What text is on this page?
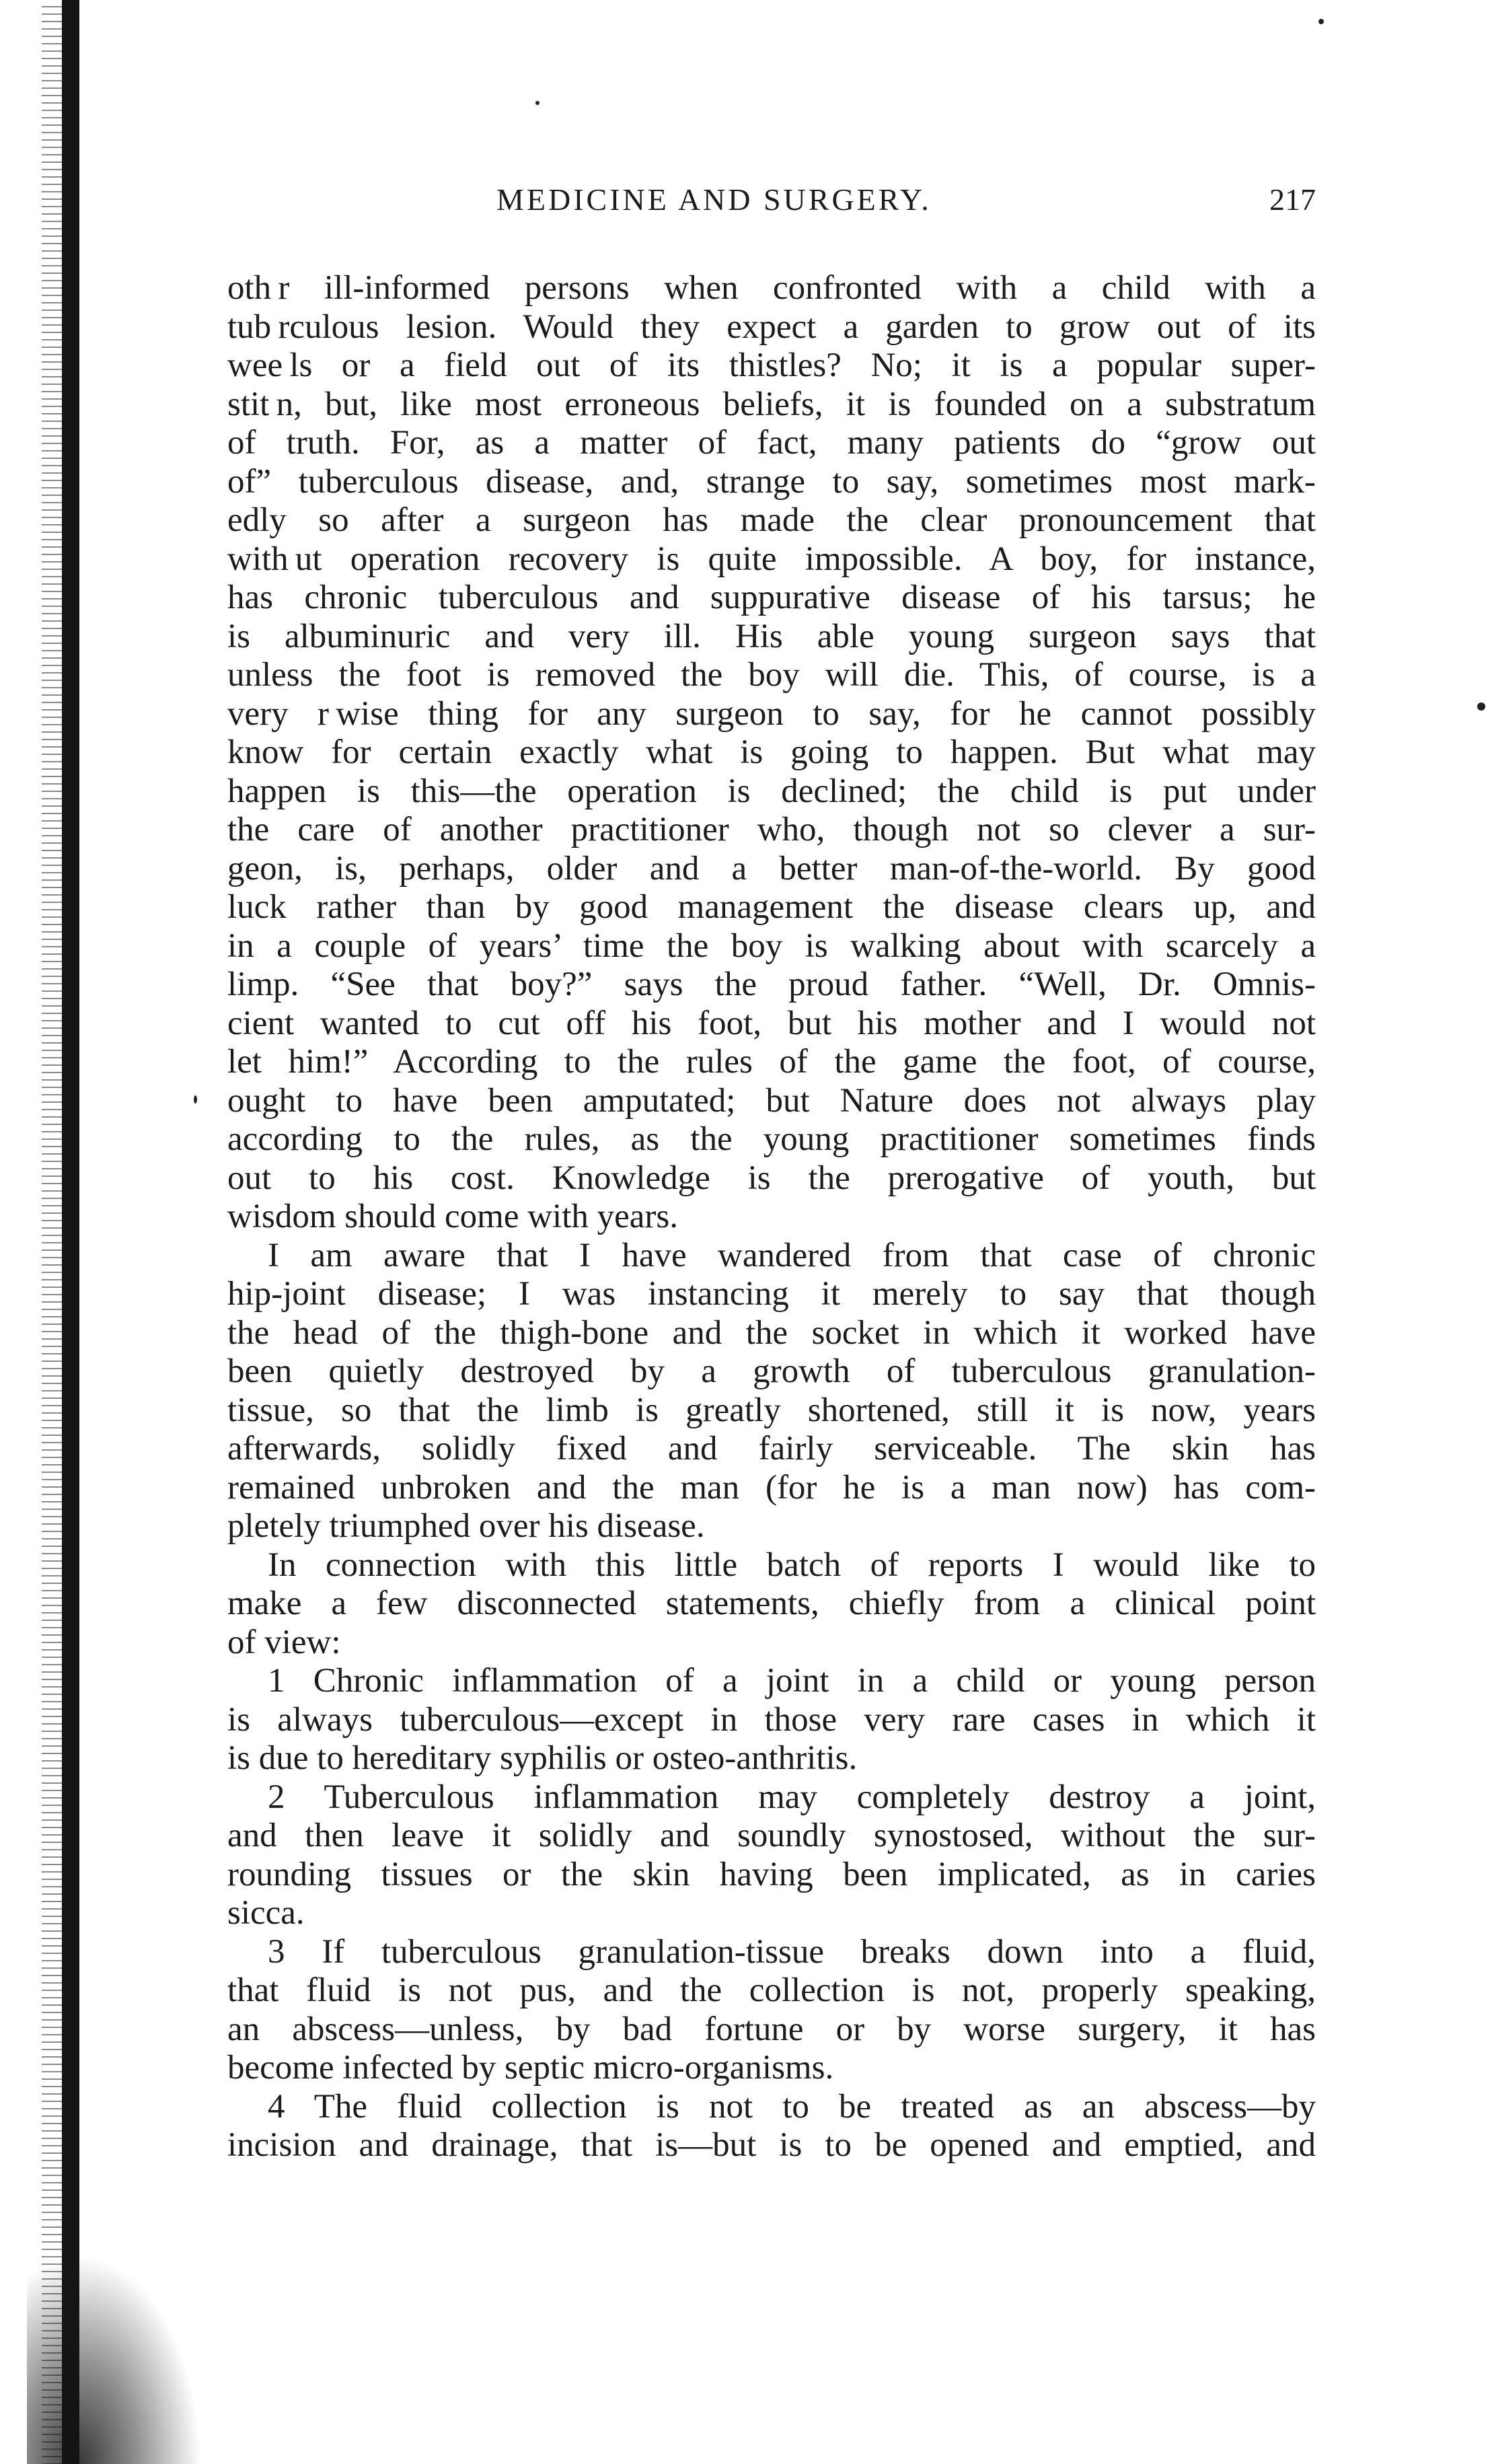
MEDICINE AND SURGERY.	217
oth r ill-informed persons when confronted with a child with a
tub rculous lesion. Would they expect a garden to grow out of its
wee ls or a field out of its thistles? No; it is a popular super-
stit n, but, like most erroneous beliefs, it is founded on a substratum
of truth. For, as a matter of fact, many patients do “grow out
of” tuberculous disease, and, strange to say, sometimes most mark-
edly so after a surgeon has made the clear pronouncement that
with ut operation recovery is quite impossible. A boy, for instance,
has chronic tuberculous and suppurative disease of his tarsus; he
is albuminuric and very ill. His able young surgeon says that
unless the foot is removed the boy will die. This, of course, is a
very r wise thing for any surgeon to say, for he cannot possibly
know for certain exactly what is going to happen. But what may
happen is this—the operation is declined; the child is put under
the care of another practitioner who, though not so clever a sur-
geon, is, perhaps, older and a better man-of-the-world. By good
luck rather than by good management the disease clears up, and
in a couple of years’ time the boy is walking about with scarcely a
limp. “See that boy?” says the proud father. “Well, Dr. Omnis-
cient wanted to cut off his foot, but his mother and I would not
let him!” According to the rules of the game the foot, of course,
ought to have been amputated; but Nature does not always play
according to the rules, as the young practitioner sometimes finds
out to his cost. Knowledge is the prerogative of youth, but
wisdom should come with years.
I am aware that I have wandered from that case of chronic
hip-joint disease; I was instancing it merely to say that though
the head of the thigh-bone and the socket in which it worked have
been quietly destroyed by a growth of tuberculous granulation-
tissue, so that the limb is greatly shortened, still it is now, years
afterwards, solidly fixed and fairly serviceable. The skin has
remained unbroken and the man (for he is a man now) has com-
pletely triumphed over his disease.
In connection with this little batch of reports I would like to
make a few disconnected statements, chiefly from a clinical point
of view:
1 Chronic inflammation of a joint in a child or young person
is always tuberculous—except in those very rare cases in which it
is due to hereditary syphilis or osteo-anthritis.
2 Tuberculous inflammation may completely destroy a joint,
and then leave it solidly and soundly synostosed, without the sur-
rounding tissues or the skin having been implicated, as in caries
sicca.
3 If tuberculous granulation-tissue breaks down into a fluid,
that fluid is not pus, and the collection is not, properly speaking,
an abscess—unless, by bad fortune or by worse surgery, it has
become infected by septic micro-organisms.
4 The fluid collection is not to be treated as an abscess—by
incision and drainage, that is—but is to be opened and emptied, and
